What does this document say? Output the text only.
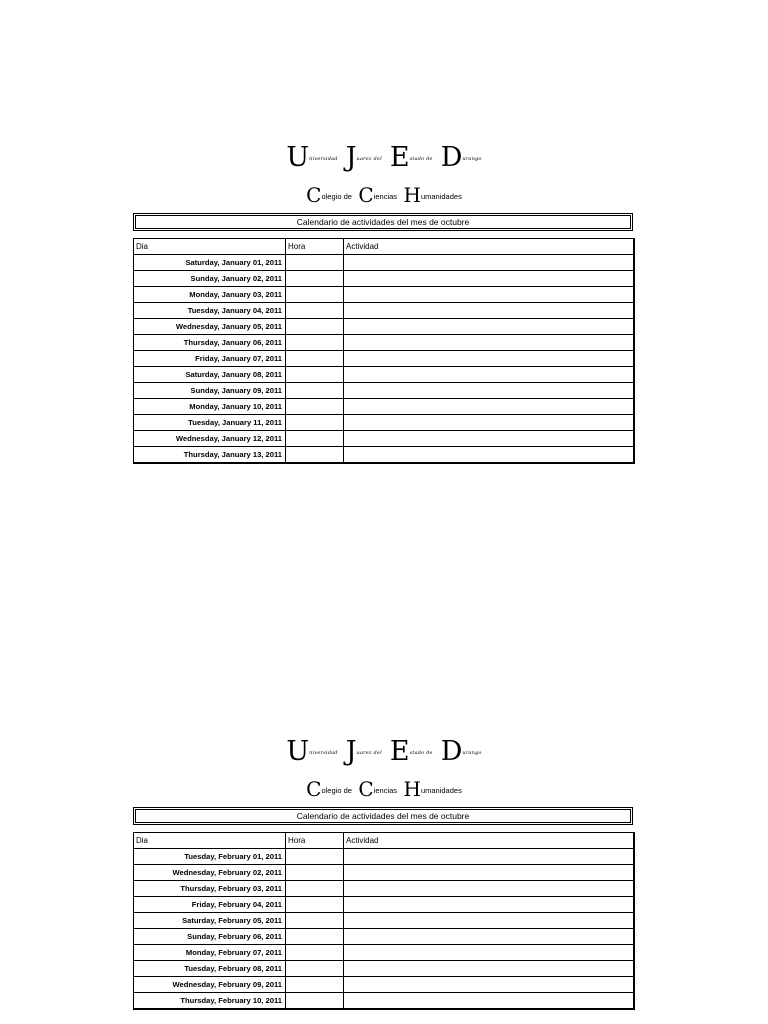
$U^{niversidad}$ $J^{uarez del}$ $E^{stado de}$ $D^{urango}$
Colegio de Ciencias Humanidades
Calendario de actividades del mes de octubre
Dia	Hora	Actividad
Saturday, January 01, 2011		
Sunday, January 02, 2011		
Monday, January 03, 2011		
Tuesday, January 04, 2011		
Wednesday, January 05, 2011		
Thursday, January 06, 2011		
Friday, January 07, 2011		
Saturday, January 08, 2011		
Sunday, January 09, 2011		
Monday, January 10, 2011		
Tuesday, January 11, 2011		
Wednesday, January 12, 2011		
Thursday, January 13, 2011		
$U^{niversidad}$ $J^{uarez del}$ $E^{stado de}$ $D^{urango}$
Colegio de Ciencias Humanidades
Calendario de actividades del mes de octubre
Dia	Hora	Actividad
Tuesday, February 01, 2011		
Wednesday, February 02, 2011		
Thursday, February 03, 2011		
Friday, February 04, 2011		
Saturday, February 05, 2011		
Sunday, February 06, 2011		
Monday, February 07, 2011		
Tuesday, February 08, 2011		
Wednesday, February 09, 2011		
Thursday, February 10, 2011		
